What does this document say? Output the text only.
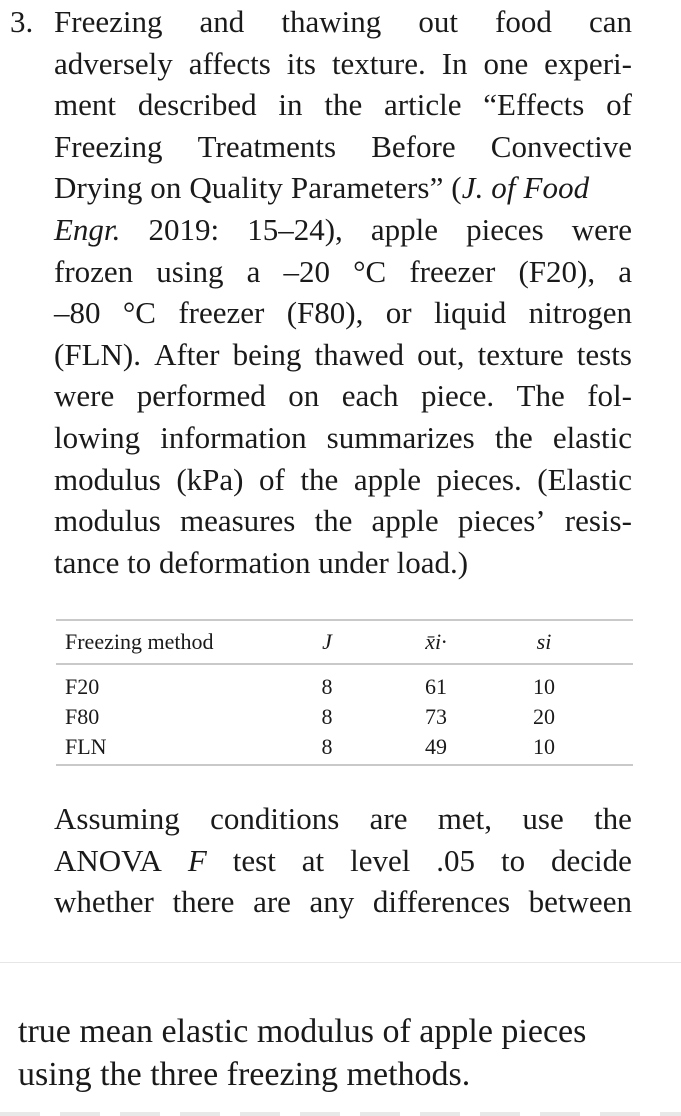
3. Freezing and thawing out food can
adversely affects its texture. In one experi-
ment described in the article “Effects of
Freezing Treatments Before Convective
Drying on Quality Parameters” (J. of Food
Engr. 2019: 15–24), apple pieces were
frozen using a –20 °C freezer (F20), a
–80 °C freezer (F80), or liquid nitrogen
(FLN). After being thawed out, texture tests
were performed on each piece. The fol-
lowing information summarizes the elastic
modulus (kPa) of the apple pieces. (Elastic
modulus measures the apple pieces’ resis-
tance to deformation under load.)
Freezing method	J	x̄i·	si
F20	8	61	10
F80	8	73	20
FLN	8	49	10
Assuming conditions are met, use the
ANOVA F test at level .05 to decide
whether there are any differences between
true mean elastic modulus of apple pieces
using the three freezing methods.
